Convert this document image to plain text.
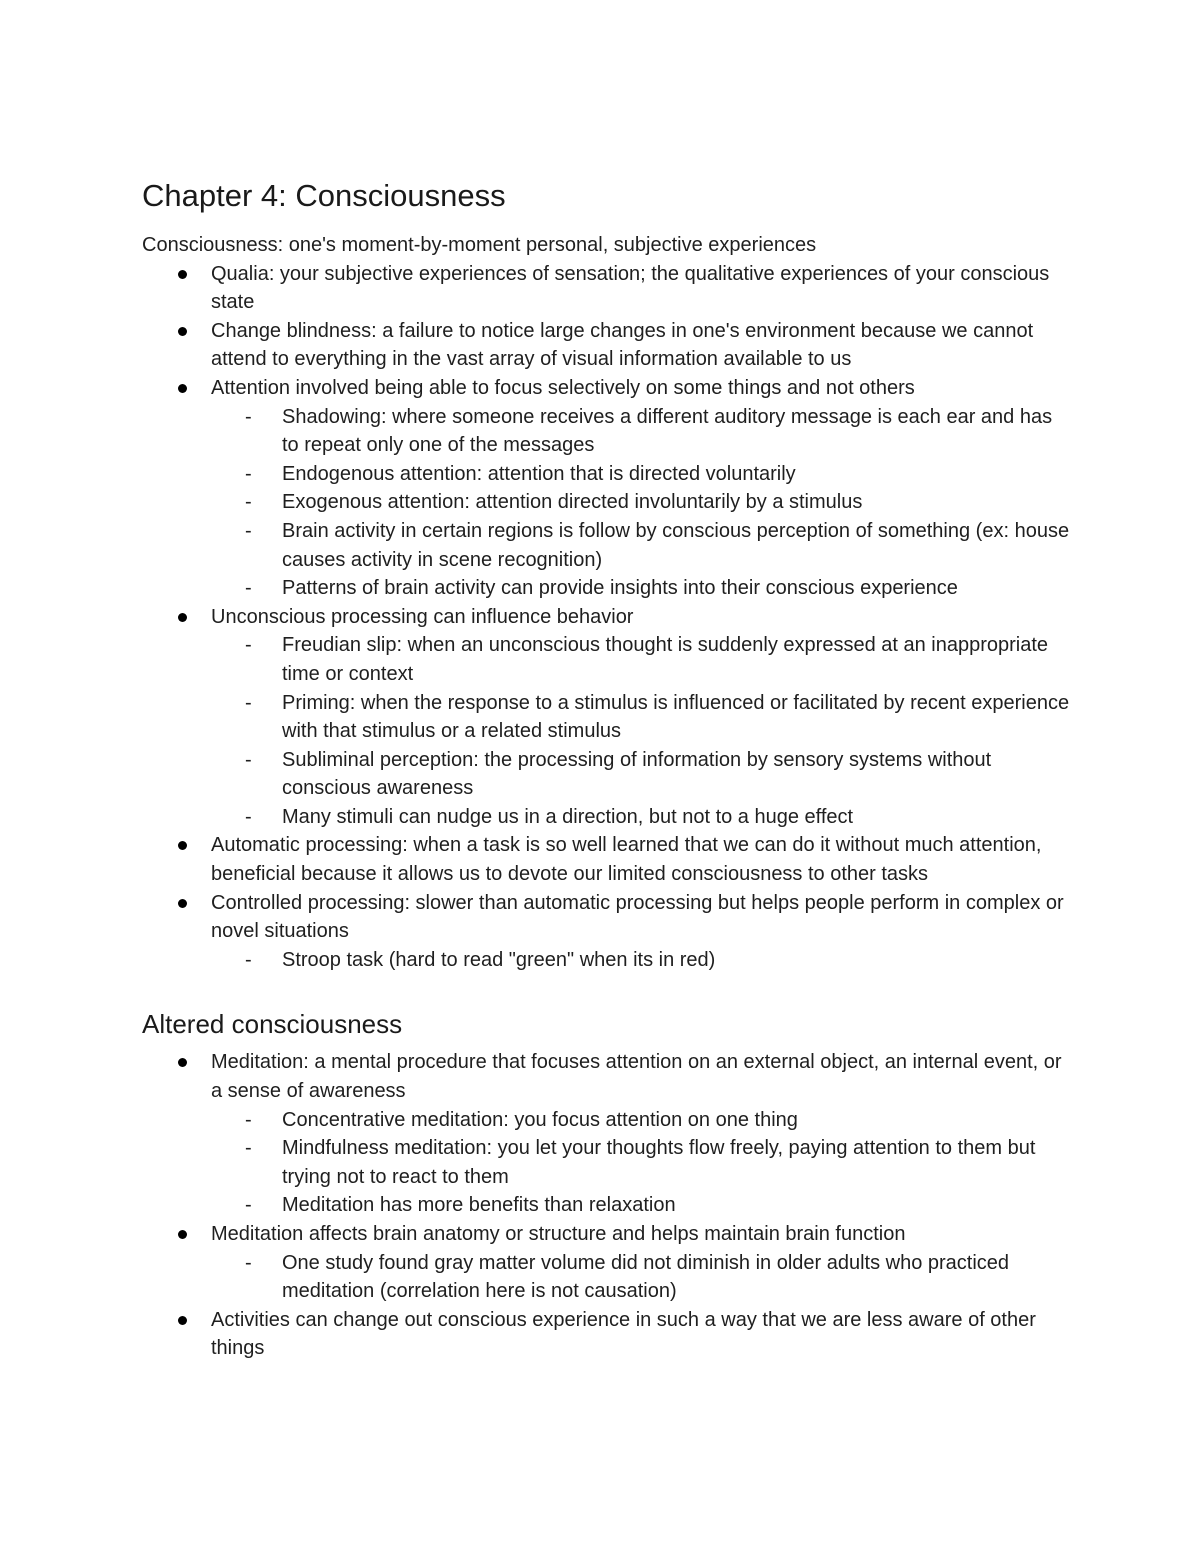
Chapter 4: Consciousness
Consciousness: one's moment-by-moment personal, subjective experiences
Qualia: your subjective experiences of sensation; the qualitative experiences of your conscious state
Change blindness: a failure to notice large changes in one's environment because we cannot attend to everything in the vast array of visual information available to us
Attention involved being able to focus selectively on some things and not others
- Shadowing: where someone receives a different auditory message is each ear and has to repeat only one of the messages
- Endogenous attention: attention that is directed voluntarily
- Exogenous attention: attention directed involuntarily by a stimulus
- Brain activity in certain regions is follow by conscious perception of something (ex: house causes activity in scene recognition)
- Patterns of brain activity can provide insights into their conscious experience
Unconscious processing can influence behavior
- Freudian slip: when an unconscious thought is suddenly expressed at an inappropriate time or context
- Priming: when the response to a stimulus is influenced or facilitated by recent experience with that stimulus or a related stimulus
- Subliminal perception: the processing of information by sensory systems without conscious awareness
- Many stimuli can nudge us in a direction, but not to a huge effect
Automatic processing: when a task is so well learned that we can do it without much attention, beneficial because it allows us to devote our limited consciousness to other tasks
Controlled processing: slower than automatic processing but helps people perform in complex or novel situations
- Stroop task (hard to read "green" when its in red)
Altered consciousness
Meditation: a mental procedure that focuses attention on an external object, an internal event, or a sense of awareness
- Concentrative meditation: you focus attention on one thing
- Mindfulness meditation: you let your thoughts flow freely, paying attention to them but trying not to react to them
- Meditation has more benefits than relaxation
Meditation affects brain anatomy or structure and helps maintain brain function
- One study found gray matter volume did not diminish in older adults who practiced meditation (correlation here is not causation)
Activities can change out conscious experience in such a way that we are less aware of other things
